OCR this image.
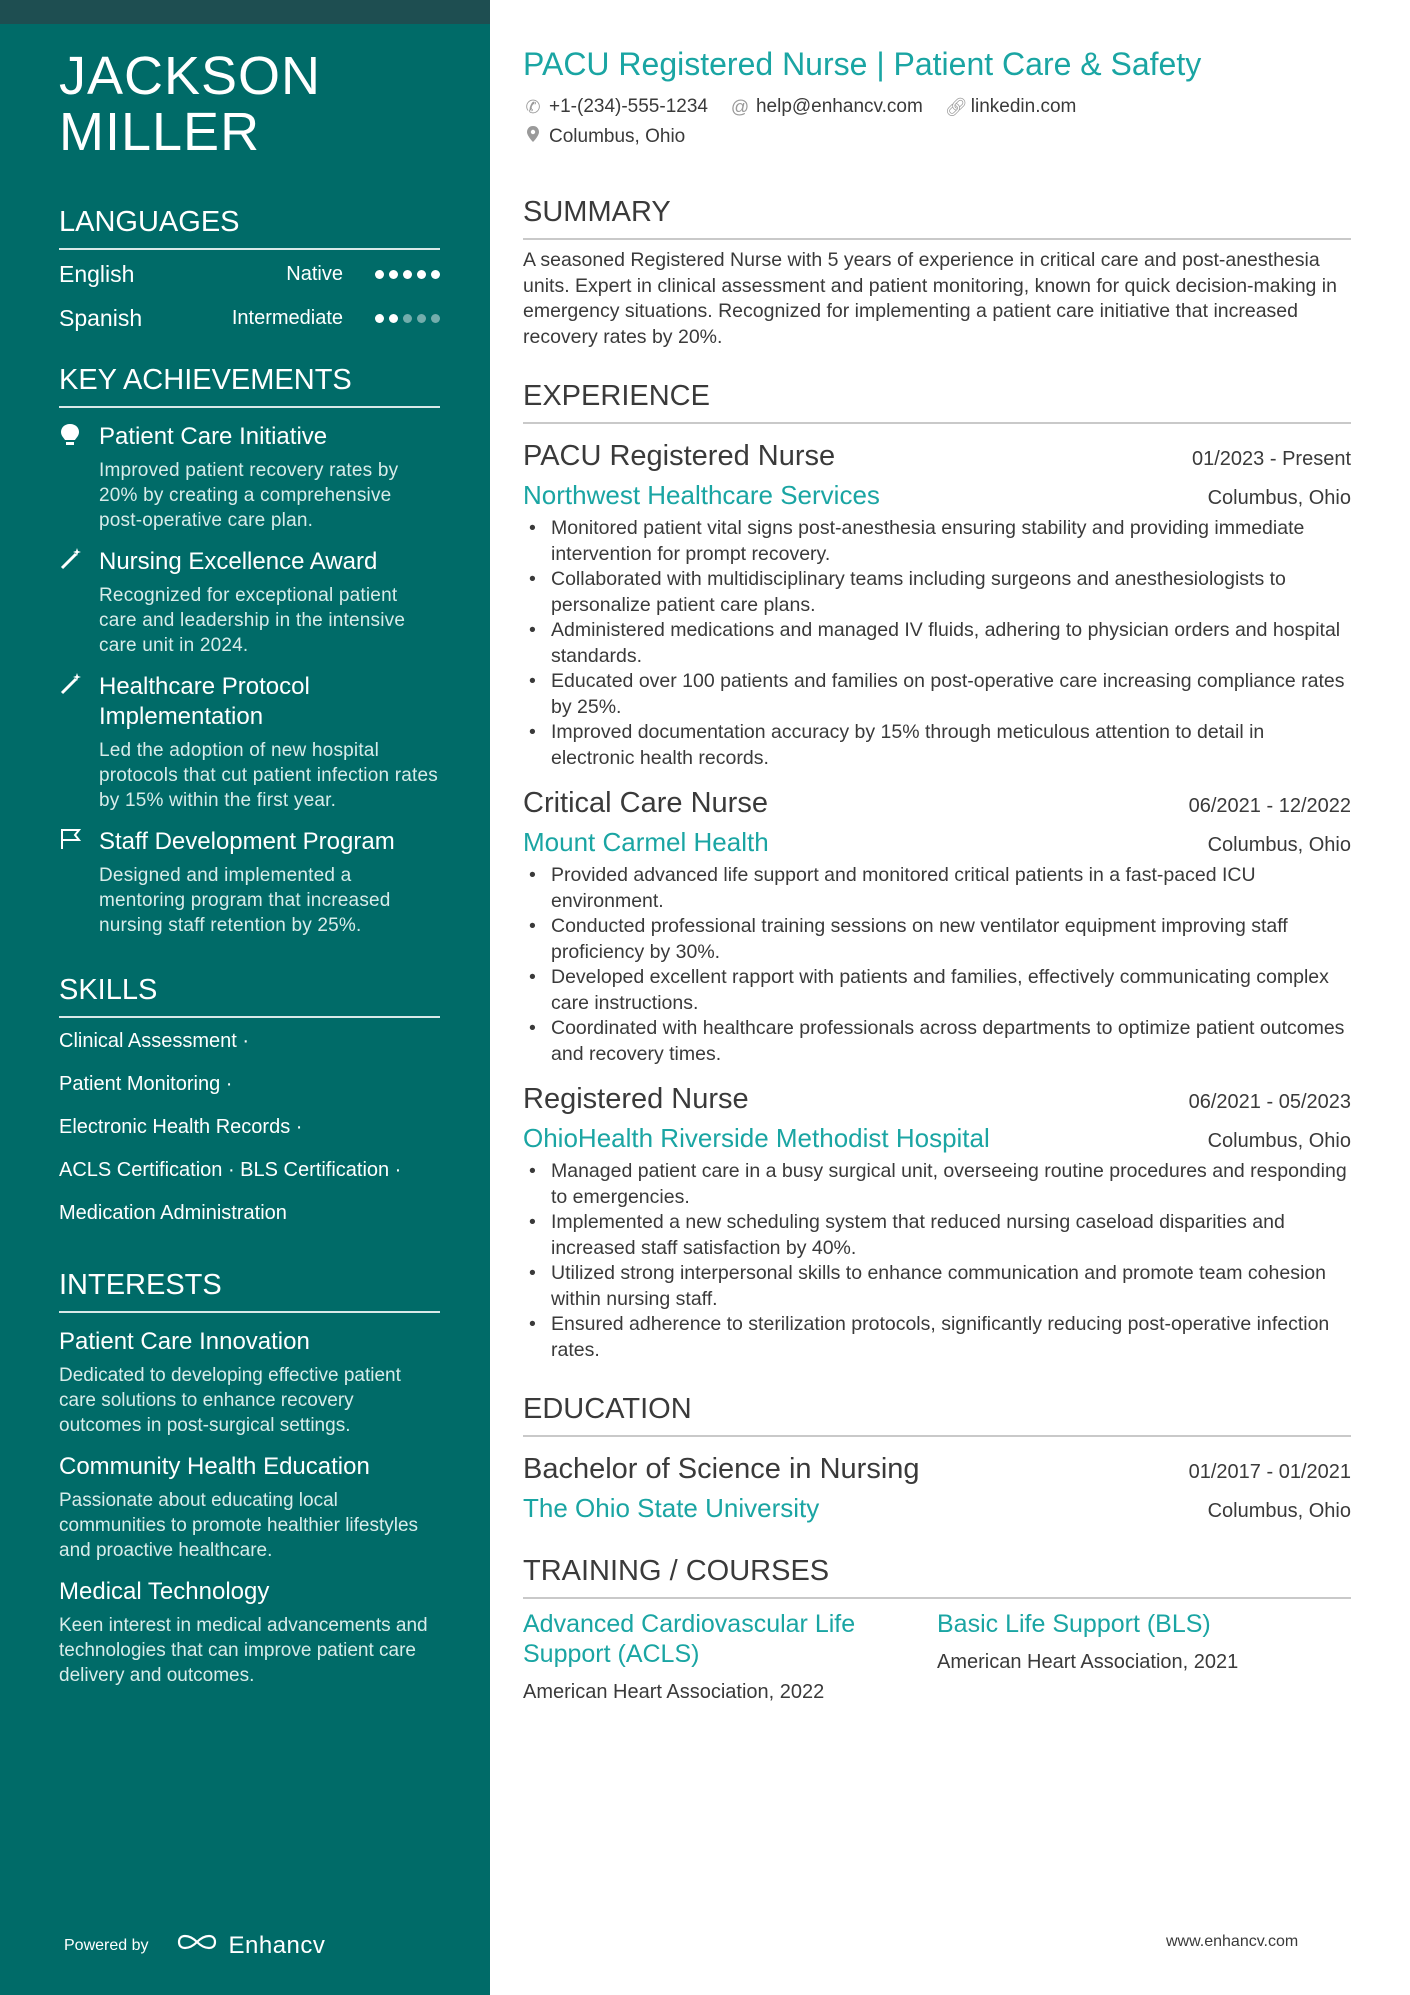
JACKSON MILLER
LANGUAGES
English	Native
Spanish	Intermediate
KEY ACHIEVEMENTS
Patient Care Initiative
Improved patient recovery rates by 20% by creating a comprehensive post-operative care plan.
Nursing Excellence Award
Recognized for exceptional patient care and leadership in the intensive care unit in 2024.
Healthcare Protocol Implementation
Led the adoption of new hospital protocols that cut patient infection rates by 15% within the first year.
Staff Development Program
Designed and implemented a mentoring program that increased nursing staff retention by 25%.
SKILLS
Clinical Assessment ·
Patient Monitoring ·
Electronic Health Records ·
ACLS Certification · BLS Certification ·
Medication Administration
INTERESTS
Patient Care Innovation
Dedicated to developing effective patient care solutions to enhance recovery outcomes in post-surgical settings.
Community Health Education
Passionate about educating local communities to promote healthier lifestyles and proactive healthcare.
Medical Technology
Keen interest in medical advancements and technologies that can improve patient care delivery and outcomes.
Powered by	Enhancv
PACU Registered Nurse | Patient Care & Safety
✆ +1-(234)-555-1234 @ help@enhancv.com 🔗︎ linkedin.com
Columbus, Ohio
SUMMARY
A seasoned Registered Nurse with 5 years of experience in critical care and post-anesthesia units. Expert in clinical assessment and patient monitoring, known for quick decision-making in emergency situations. Recognized for implementing a patient care initiative that increased recovery rates by 20%.
EXPERIENCE
PACU Registered Nurse	01/2023 - Present
Northwest Healthcare Services	Columbus, Ohio
• Monitored patient vital signs post-anesthesia ensuring stability and providing immediate intervention for prompt recovery.
• Collaborated with multidisciplinary teams including surgeons and anesthesiologists to personalize patient care plans.
• Administered medications and managed IV fluids, adhering to physician orders and hospital standards.
• Educated over 100 patients and families on post-operative care increasing compliance rates by 25%.
• Improved documentation accuracy by 15% through meticulous attention to detail in electronic health records.
Critical Care Nurse	06/2021 - 12/2022
Mount Carmel Health	Columbus, Ohio
• Provided advanced life support and monitored critical patients in a fast-paced ICU environment.
• Conducted professional training sessions on new ventilator equipment improving staff proficiency by 30%.
• Developed excellent rapport with patients and families, effectively communicating complex care instructions.
• Coordinated with healthcare professionals across departments to optimize patient outcomes and recovery times.
Registered Nurse	06/2021 - 05/2023
OhioHealth Riverside Methodist Hospital	Columbus, Ohio
• Managed patient care in a busy surgical unit, overseeing routine procedures and responding to emergencies.
• Implemented a new scheduling system that reduced nursing caseload disparities and increased staff satisfaction by 40%.
• Utilized strong interpersonal skills to enhance communication and promote team cohesion within nursing staff.
• Ensured adherence to sterilization protocols, significantly reducing post-operative infection rates.
EDUCATION
Bachelor of Science in Nursing	01/2017 - 01/2021
The Ohio State University	Columbus, Ohio
TRAINING / COURSES
Advanced Cardiovascular Life Support (ACLS)
American Heart Association, 2022
Basic Life Support (BLS)
American Heart Association, 2021
www.enhancv.com
